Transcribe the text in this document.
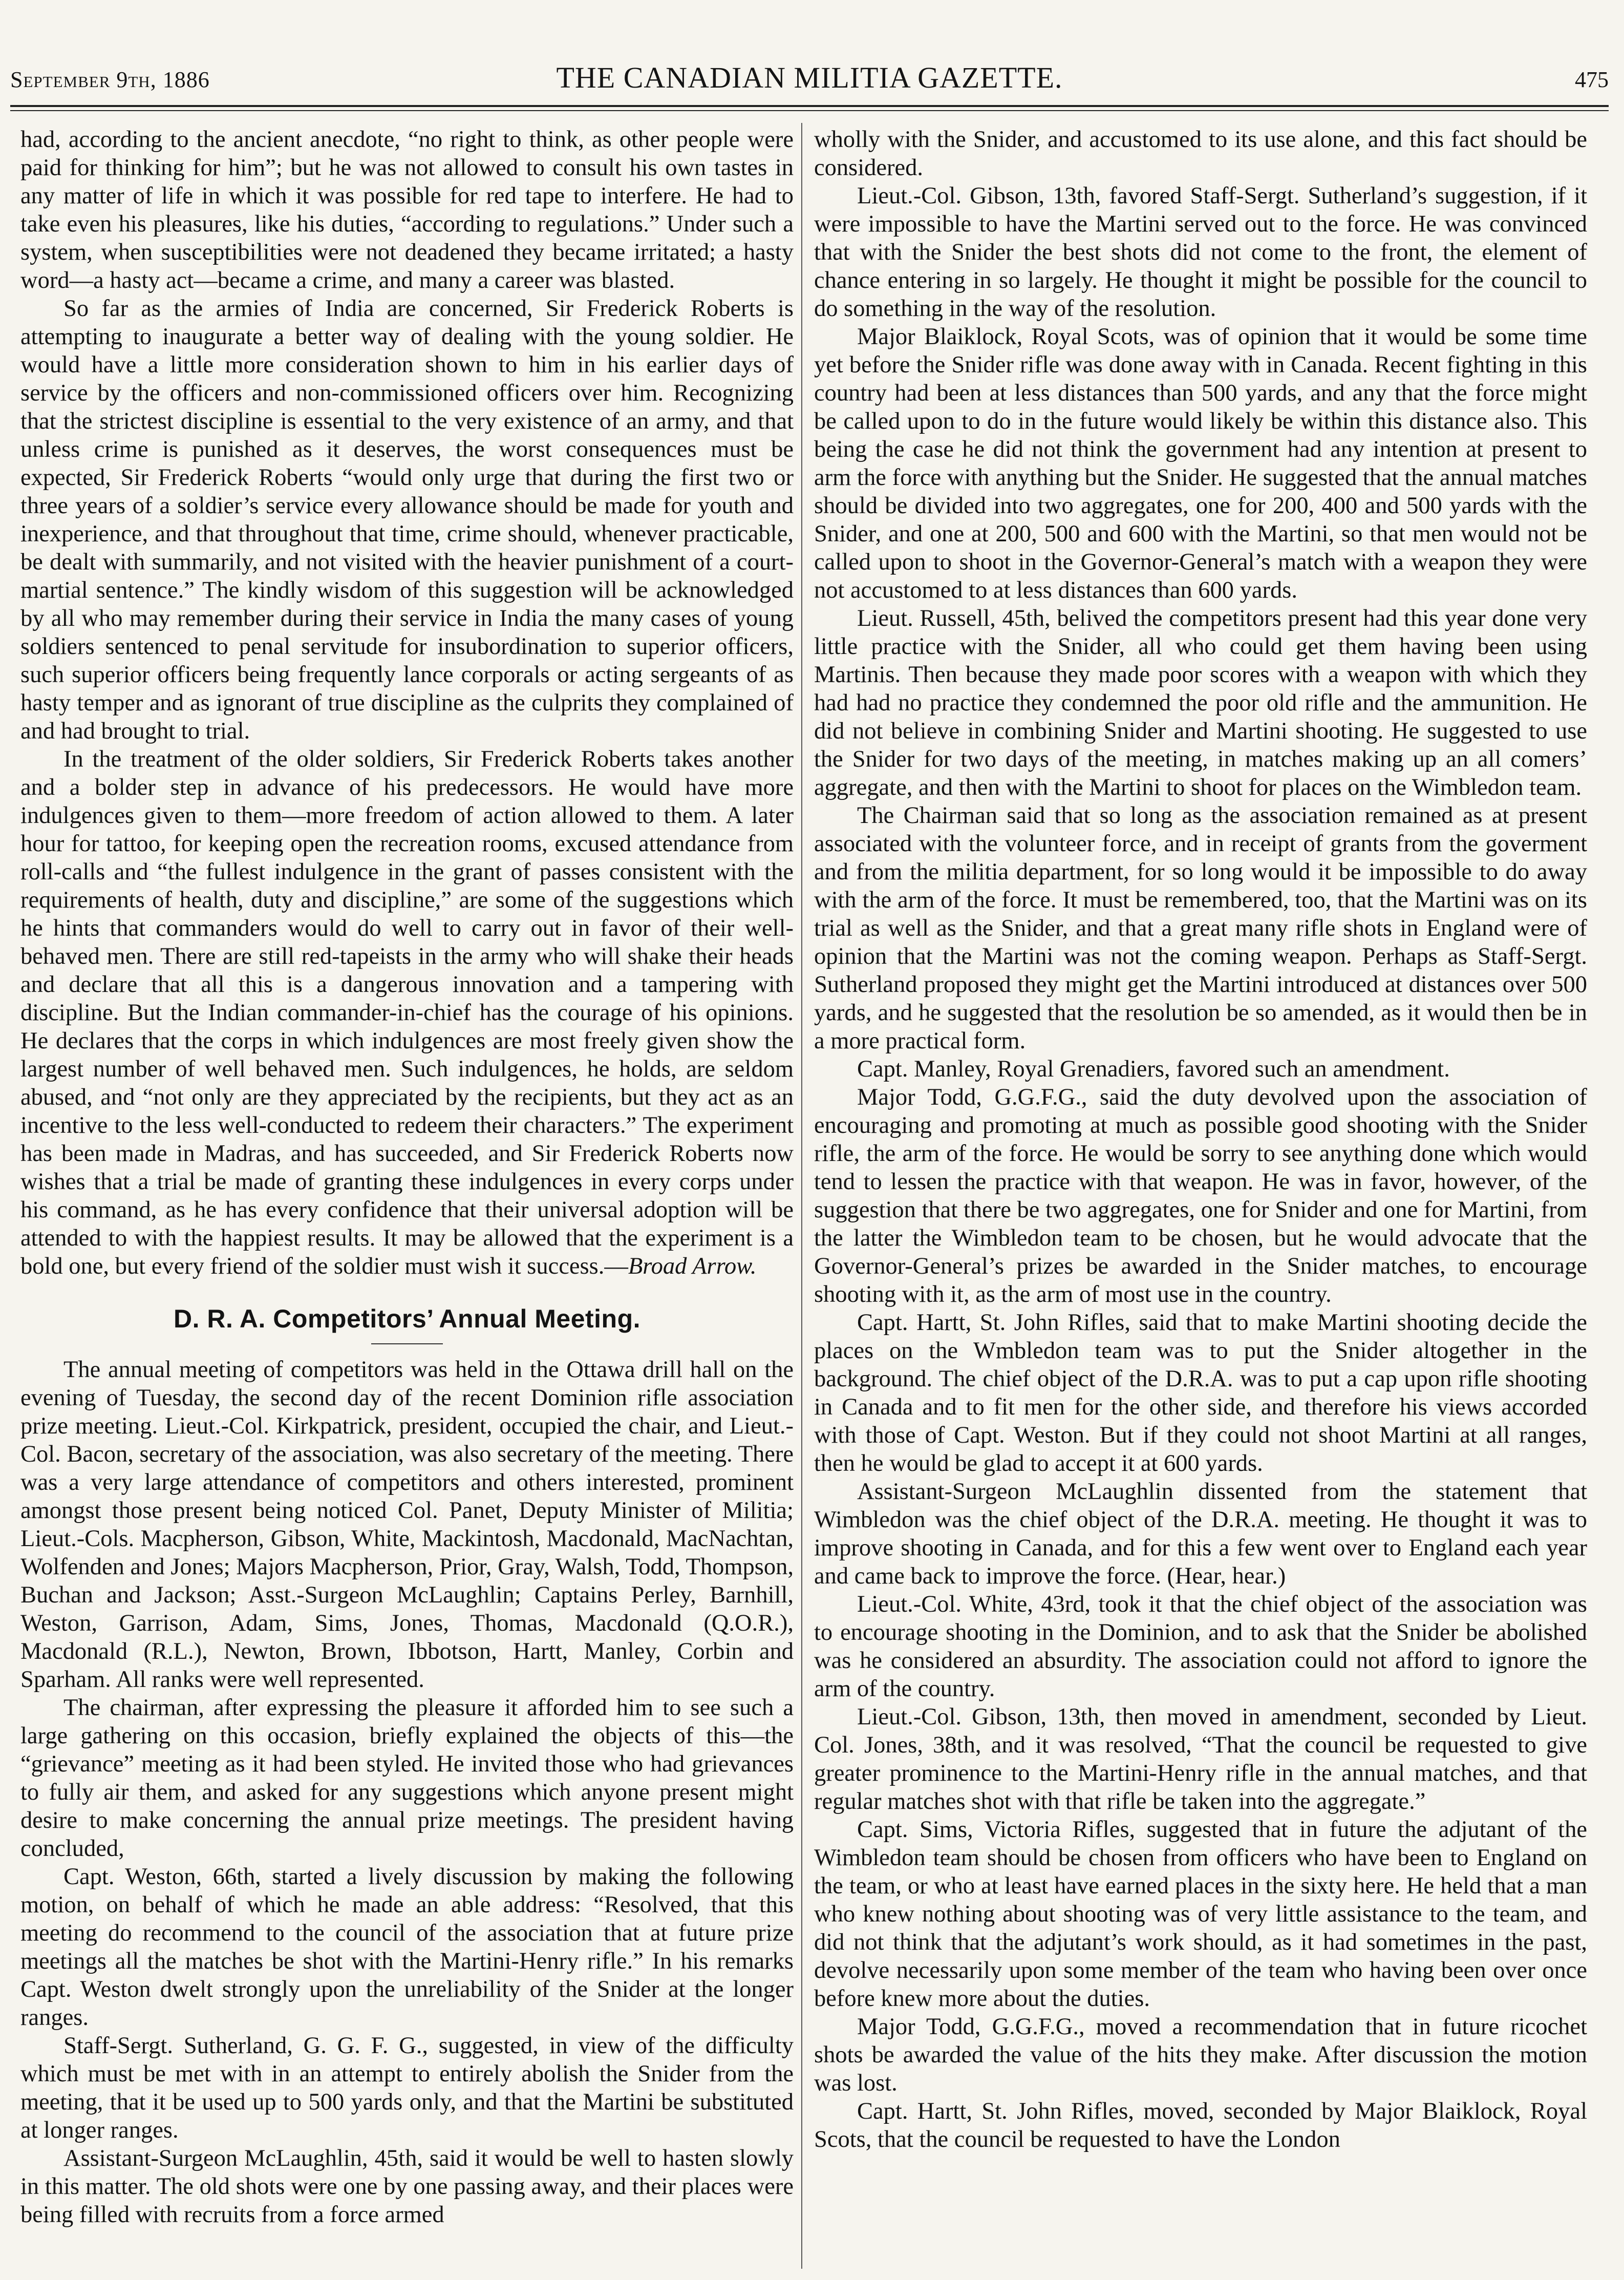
September 9th, 1886	THE CANADIAN MILITIA GAZETTE.	475

had, according to the ancient anecdote, “no right to think, as other people were paid for thinking for him”; but he was not allowed to consult his own tastes in any matter of life in which it was possible for red tape to interfere. He had to take even his pleasures, like his duties, “according to regulations.” Under such a system, when susceptibilities were not deadened they became irritated; a hasty word—a hasty act—became a crime, and many a career was blasted.

So far as the armies of India are concerned, Sir Frederick Roberts is attempting to inaugurate a better way of dealing with the young soldier. He would have a little more consideration shown to him in his earlier days of service by the officers and non-commissioned officers over him. Recognizing that the strictest discipline is essential to the very existence of an army, and that unless crime is punished as it deserves, the worst consequences must be expected, Sir Frederick Roberts “would only urge that during the first two or three years of a soldier’s service every allowance should be made for youth and inexperience, and that throughout that time, crime should, whenever practicable, be dealt with summarily, and not visited with the heavier punishment of a court-martial sentence.” The kindly wisdom of this suggestion will be acknowledged by all who may remember during their service in India the many cases of young soldiers sentenced to penal servitude for insubordination to superior officers, such superior officers being frequently lance corporals or acting sergeants of as hasty temper and as ignorant of true discipline as the culprits they complained of and had brought to trial.

In the treatment of the older soldiers, Sir Frederick Roberts takes another and a bolder step in advance of his predecessors. He would have more indulgences given to them—more freedom of action allowed to them. A later hour for tattoo, for keeping open the recreation rooms, excused attendance from roll-calls and “the fullest indulgence in the grant of passes consistent with the requirements of health, duty and discipline,” are some of the suggestions which he hints that commanders would do well to carry out in favor of their well-behaved men. There are still red-tapeists in the army who will shake their heads and declare that all this is a dangerous innovation and a tampering with discipline. But the Indian commander-in-chief has the courage of his opinions. He declares that the corps in which indulgences are most freely given show the largest number of well behaved men. Such indulgences, he holds, are seldom abused, and “not only are they appreciated by the recipients, but they act as an incentive to the less well-conducted to redeem their characters.” The experiment has been made in Madras, and has succeeded, and Sir Frederick Roberts now wishes that a trial be made of granting these indulgences in every corps under his command, as he has every confidence that their universal adoption will be attended to with the happiest results. It may be allowed that the experiment is a bold one, but every friend of the soldier must wish it success.—Broad Arrow.

D. R. A. Competitors’ Annual Meeting.

The annual meeting of competitors was held in the Ottawa drill hall on the evening of Tuesday, the second day of the recent Dominion rifle association prize meeting. Lieut.-Col. Kirkpatrick, president, occupied the chair, and Lieut.-Col. Bacon, secretary of the association, was also secretary of the meeting. There was a very large attendance of competitors and others interested, prominent amongst those present being noticed Col. Panet, Deputy Minister of Militia; Lieut.-Cols. Macpherson, Gibson, White, Mackintosh, Macdonald, MacNachtan, Wolfenden and Jones; Majors Macpherson, Prior, Gray, Walsh, Todd, Thompson, Buchan and Jackson; Asst.-Surgeon McLaughlin; Captains Perley, Barnhill, Weston, Garrison, Adam, Sims, Jones, Thomas, Macdonald (Q.O.R.), Macdonald (R.L.), Newton, Brown, Ibbotson, Hartt, Manley, Corbin and Sparham. All ranks were well represented.

The chairman, after expressing the pleasure it afforded him to see such a large gathering on this occasion, briefly explained the objects of this—the “grievance” meeting as it had been styled. He invited those who had grievances to fully air them, and asked for any suggestions which anyone present might desire to make concerning the annual prize meetings. The president having concluded,

Capt. Weston, 66th, started a lively discussion by making the following motion, on behalf of which he made an able address: “Resolved, that this meeting do recommend to the council of the association that at future prize meetings all the matches be shot with the Martini-Henry rifle.” In his remarks Capt. Weston dwelt strongly upon the unreliability of the Snider at the longer ranges.

Staff-Sergt. Sutherland, G. G. F. G., suggested, in view of the difficulty which must be met with in an attempt to entirely abolish the Snider from the meeting, that it be used up to 500 yards only, and that the Martini be substituted at longer ranges.

Assistant-Surgeon McLaughlin, 45th, said it would be well to hasten slowly in this matter. The old shots were one by one passing away, and their places were being filled with recruits from a force armed

wholly with the Snider, and accustomed to its use alone, and this fact should be considered.

Lieut.-Col. Gibson, 13th, favored Staff-Sergt. Sutherland’s suggestion, if it were impossible to have the Martini served out to the force. He was convinced that with the Snider the best shots did not come to the front, the element of chance entering in so largely. He thought it might be possible for the council to do something in the way of the resolution.

Major Blaiklock, Royal Scots, was of opinion that it would be some time yet before the Snider rifle was done away with in Canada. Recent fighting in this country had been at less distances than 500 yards, and any that the force might be called upon to do in the future would likely be within this distance also. This being the case he did not think the government had any intention at present to arm the force with anything but the Snider. He suggested that the annual matches should be divided into two aggregates, one for 200, 400 and 500 yards with the Snider, and one at 200, 500 and 600 with the Martini, so that men would not be called upon to shoot in the Governor-General’s match with a weapon they were not accustomed to at less distances than 600 yards.

Lieut. Russell, 45th, belived the competitors present had this year done very little practice with the Snider, all who could get them having been using Martinis. Then because they made poor scores with a weapon with which they had had no practice they condemned the poor old rifle and the ammunition. He did not believe in combining Snider and Martini shooting. He suggested to use the Snider for two days of the meeting, in matches making up an all comers’ aggregate, and then with the Martini to shoot for places on the Wimbledon team.

The Chairman said that so long as the association remained as at present associated with the volunteer force, and in receipt of grants from the goverment and from the militia department, for so long would it be impossible to do away with the arm of the force. It must be remembered, too, that the Martini was on its trial as well as the Snider, and that a great many rifle shots in England were of opinion that the Martini was not the coming weapon. Perhaps as Staff-Sergt. Sutherland proposed they might get the Martini introduced at distances over 500 yards, and he suggested that the resolution be so amended, as it would then be in a more practical form.

Capt. Manley, Royal Grenadiers, favored such an amendment.

Major Todd, G.G.F.G., said the duty devolved upon the association of encouraging and promoting at much as possible good shooting with the Snider rifle, the arm of the force. He would be sorry to see anything done which would tend to lessen the practice with that weapon. He was in favor, however, of the suggestion that there be two aggregates, one for Snider and one for Martini, from the latter the Wimbledon team to be chosen, but he would advocate that the Governor-General’s prizes be awarded in the Snider matches, to encourage shooting with it, as the arm of most use in the country.

Capt. Hartt, St. John Rifles, said that to make Martini shooting decide the places on the Wmbledon team was to put the Snider altogether in the background. The chief object of the D.R.A. was to put a cap upon rifle shooting in Canada and to fit men for the other side, and therefore his views accorded with those of Capt. Weston. But if they could not shoot Martini at all ranges, then he would be glad to accept it at 600 yards.

Assistant-Surgeon McLaughlin dissented from the statement that Wimbledon was the chief object of the D.R.A. meeting. He thought it was to improve shooting in Canada, and for this a few went over to England each year and came back to improve the force. (Hear, hear.)

Lieut.-Col. White, 43rd, took it that the chief object of the association was to encourage shooting in the Dominion, and to ask that the Snider be abolished was he considered an absurdity. The association could not afford to ignore the arm of the country.

Lieut.-Col. Gibson, 13th, then moved in amendment, seconded by Lieut. Col. Jones, 38th, and it was resolved, “That the council be requested to give greater prominence to the Martini-Henry rifle in the annual matches, and that regular matches shot with that rifle be taken into the aggregate.”

Capt. Sims, Victoria Rifles, suggested that in future the adjutant of the Wimbledon team should be chosen from officers who have been to England on the team, or who at least have earned places in the sixty here. He held that a man who knew nothing about shooting was of very little assistance to the team, and did not think that the adjutant’s work should, as it had sometimes in the past, devolve necessarily upon some member of the team who having been over once before knew more about the duties.

Major Todd, G.G.F.G., moved a recommendation that in future ricochet shots be awarded the value of the hits they make. After discussion the motion was lost.

Capt. Hartt, St. John Rifles, moved, seconded by Major Blaiklock, Royal Scots, that the council be requested to have the London
